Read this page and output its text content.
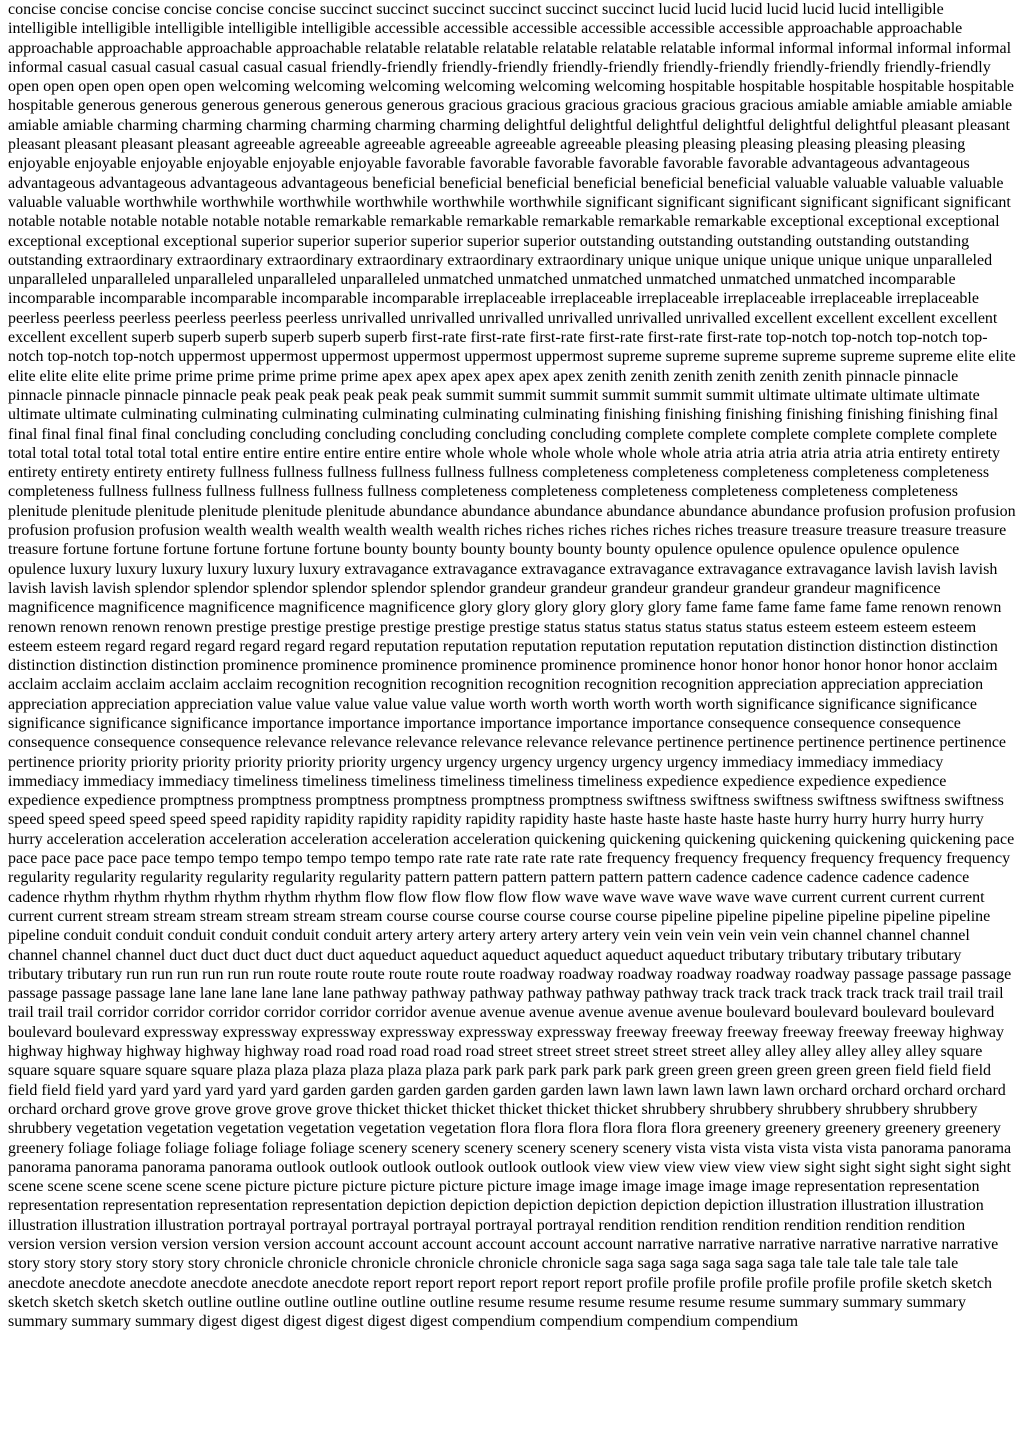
concise concise concise concise concise concise succinct succinct succinct succinct succinct succinct lucid lucid lucid lucid lucid lucid intelligible intelligible intelligible intelligible intelligible intelligible accessible accessible accessible accessible accessible accessible approachable approachable approachable approachable approachable approachable relatable relatable relatable relatable relatable relatable informal informal informal informal informal informal casual casual casual casual casual casual friendly-friendly friendly-friendly friendly-friendly friendly-friendly friendly-friendly friendly-friendly open open open open open open welcoming welcoming welcoming welcoming welcoming welcoming hospitable hospitable hospitable hospitable hospitable hospitable generous generous generous generous generous generous gracious gracious gracious gracious gracious gracious amiable amiable amiable amiable amiable amiable charming charming charming charming charming charming delightful delightful delightful delightful delightful delightful pleasant pleasant pleasant pleasant pleasant pleasant agreeable agreeable agreeable agreeable agreeable agreeable pleasing pleasing pleasing pleasing pleasing pleasing enjoyable enjoyable enjoyable enjoyable enjoyable enjoyable favorable favorable favorable favorable favorable favorable advantageous advantageous advantageous advantageous advantageous advantageous beneficial beneficial beneficial beneficial beneficial beneficial valuable valuable valuable valuable valuable valuable worthwhile worthwhile worthwhile worthwhile worthwhile worthwhile significant significant significant significant significant significant notable notable notable notable notable notable remarkable remarkable remarkable remarkable remarkable remarkable exceptional exceptional exceptional exceptional exceptional exceptional superior superior superior superior superior superior outstanding outstanding outstanding outstanding outstanding outstanding extraordinary extraordinary extraordinary extraordinary extraordinary extraordinary unique unique unique unique unique unique unparalleled unparalleled unparalleled unparalleled unparalleled unparalleled unmatched unmatched unmatched unmatched unmatched unmatched incomparable incomparable incomparable incomparable incomparable incomparable irreplaceable irreplaceable irreplaceable irreplaceable irreplaceable irreplaceable peerless peerless peerless peerless peerless peerless unrivalled unrivalled unrivalled unrivalled unrivalled unrivalled excellent excellent excellent excellent excellent excellent superb superb superb superb superb superb first-rate first-rate first-rate first-rate first-rate first-rate top-notch top-notch top-notch top-notch top-notch top-notch uppermost uppermost uppermost uppermost uppermost uppermost supreme supreme supreme supreme supreme supreme elite elite elite elite elite elite prime prime prime prime prime prime apex apex apex apex apex apex zenith zenith zenith zenith zenith zenith pinnacle pinnacle pinnacle pinnacle pinnacle pinnacle peak peak peak peak peak peak summit summit summit summit summit summit ultimate ultimate ultimate ultimate ultimate ultimate culminating culminating culminating culminating culminating culminating finishing finishing finishing finishing finishing finishing final final final final final final concluding concluding concluding concluding concluding concluding complete complete complete complete complete complete total total total total total total entire entire entire entire entire entire whole whole whole whole whole whole atria atria atria atria atria atria entirety entirety entirety entirety entirety entirety fullness fullness fullness fullness fullness fullness completeness completeness completeness completeness completeness completeness fullness fullness fullness fullness fullness fullness completeness completeness completeness completeness completeness completeness plenitude plenitude plenitude plenitude plenitude plenitude abundance abundance abundance abundance abundance abundance profusion profusion profusion profusion profusion profusion wealth wealth wealth wealth wealth wealth riches riches riches riches riches riches treasure treasure treasure treasure treasure treasure fortune fortune fortune fortune fortune fortune bounty bounty bounty bounty bounty bounty opulence opulence opulence opulence opulence opulence luxury luxury luxury luxury luxury luxury extravagance extravagance extravagance extravagance extravagance extravagance lavish lavish lavish lavish lavish lavish splendor splendor splendor splendor splendor splendor grandeur grandeur grandeur grandeur grandeur grandeur magnificence magnificence magnificence magnificence magnificence magnificence glory glory glory glory glory glory fame fame fame fame fame fame renown renown renown renown renown renown prestige prestige prestige prestige prestige prestige status status status status status status esteem esteem esteem esteem esteem esteem regard regard regard regard regard regard reputation reputation reputation reputation reputation reputation distinction distinction distinction distinction distinction distinction prominence prominence prominence prominence prominence prominence honor honor honor honor honor honor acclaim acclaim acclaim acclaim acclaim acclaim recognition recognition recognition recognition recognition recognition appreciation appreciation appreciation appreciation appreciation appreciation value value value value value value worth worth worth worth worth worth significance significance significance significance significance significance importance importance importance importance importance importance consequence consequence consequence consequence consequence consequence relevance relevance relevance relevance relevance relevance pertinence pertinence pertinence pertinence pertinence pertinence priority priority priority priority priority priority urgency urgency urgency urgency urgency urgency immediacy immediacy immediacy immediacy immediacy immediacy timeliness timeliness timeliness timeliness timeliness timeliness expedience expedience expedience expedience expedience expedience promptness promptness promptness promptness promptness promptness swiftness swiftness swiftness swiftness swiftness swiftness speed speed speed speed speed speed rapidity rapidity rapidity rapidity rapidity rapidity haste haste haste haste haste haste hurry hurry hurry hurry hurry hurry acceleration acceleration acceleration acceleration acceleration acceleration quickening quickening quickening quickening quickening quickening pace pace pace pace pace pace tempo tempo tempo tempo tempo tempo rate rate rate rate rate rate frequency frequency frequency frequency frequency frequency regularity regularity regularity regularity regularity regularity pattern pattern pattern pattern pattern pattern cadence cadence cadence cadence cadence cadence rhythm rhythm rhythm rhythm rhythm rhythm flow flow flow flow flow flow wave wave wave wave wave wave current current current current current current stream stream stream stream stream stream course course course course course course pipeline pipeline pipeline pipeline pipeline pipeline pipeline conduit conduit conduit conduit conduit conduit artery artery artery artery artery artery vein vein vein vein vein vein channel channel channel channel channel channel duct duct duct duct duct duct aqueduct aqueduct aqueduct aqueduct aqueduct aqueduct tributary tributary tributary tributary tributary tributary run run run run run run route route route route route route roadway roadway roadway roadway roadway roadway passage passage passage passage passage passage lane lane lane lane lane lane pathway pathway pathway pathway pathway pathway track track track track track track trail trail trail trail trail trail corridor corridor corridor corridor corridor corridor avenue avenue avenue avenue avenue avenue boulevard boulevard boulevard boulevard boulevard boulevard expressway expressway expressway expressway expressway expressway freeway freeway freeway freeway freeway freeway highway highway highway highway highway highway road road road road road road street street street street street street alley alley alley alley alley alley square square square square square square plaza plaza plaza plaza plaza plaza park park park park park park green green green green green green field field field field field field yard yard yard yard yard yard garden garden garden garden garden garden lawn lawn lawn lawn lawn lawn orchard orchard orchard orchard orchard orchard grove grove grove grove grove grove thicket thicket thicket thicket thicket thicket shrubbery shrubbery shrubbery shrubbery shrubbery shrubbery vegetation vegetation vegetation vegetation vegetation vegetation flora flora flora flora flora flora greenery greenery greenery greenery greenery greenery foliage foliage foliage foliage foliage foliage scenery scenery scenery scenery scenery scenery vista vista vista vista vista vista panorama panorama panorama panorama panorama panorama outlook outlook outlook outlook outlook outlook view view view view view view sight sight sight sight sight sight scene scene scene scene scene scene picture picture picture picture picture picture image image image image image image representation representation representation representation representation representation depiction depiction depiction depiction depiction depiction illustration illustration illustration illustration illustration illustration portrayal portrayal portrayal portrayal portrayal portrayal rendition rendition rendition rendition rendition rendition version version version version version version account account account account account account narrative narrative narrative narrative narrative narrative story story story story story story chronicle chronicle chronicle chronicle chronicle chronicle saga saga saga saga saga saga tale tale tale tale tale tale anecdote anecdote anecdote anecdote anecdote anecdote report report report report report report profile profile profile profile profile profile sketch sketch sketch sketch sketch sketch outline outline outline outline outline outline resume resume resume resume resume resume summary summary summary summary summary summary digest digest digest digest digest digest compendium compendium compendium compendium
